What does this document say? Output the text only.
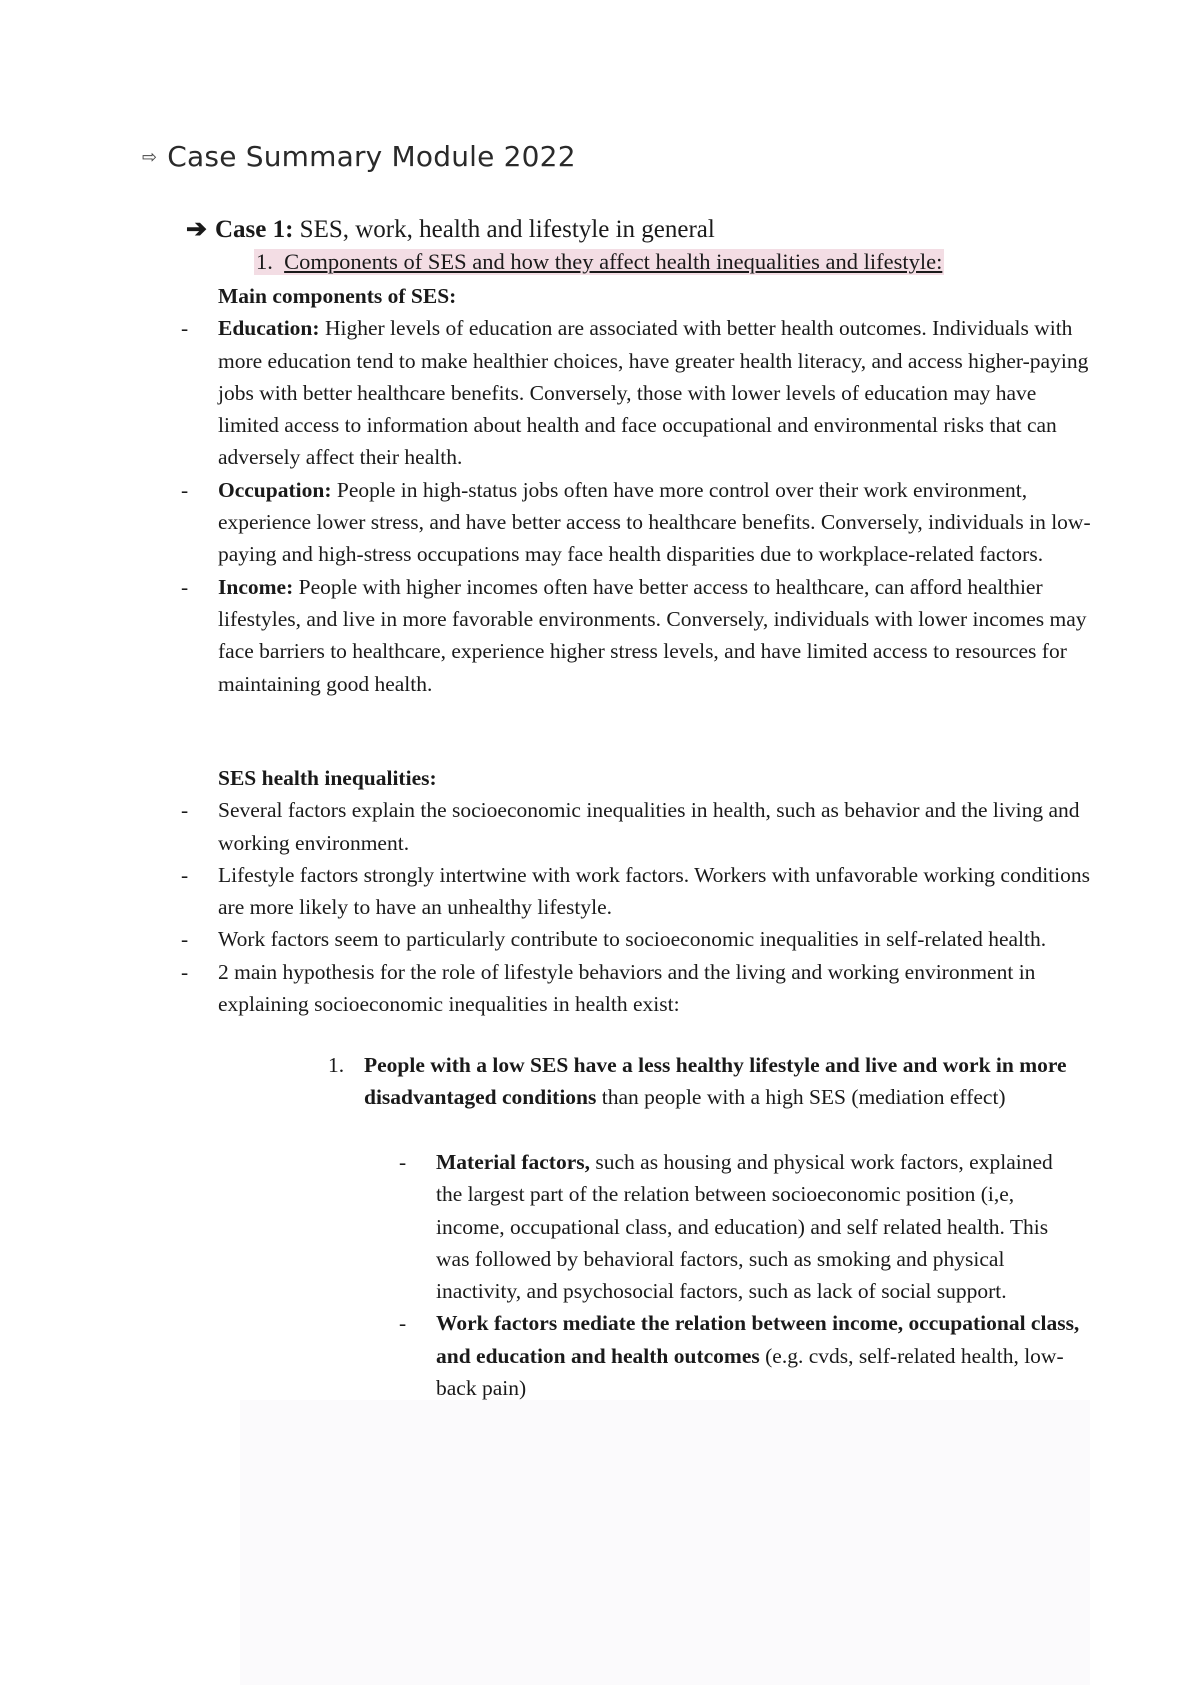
⇨ Case Summary Module 2022
➔ Case 1: SES, work, health and lifestyle in general
1. Components of SES and how they affect health inequalities and lifestyle:
Main components of SES:
- Education: Higher levels of education are associated with better health outcomes. Individuals with more education tend to make healthier choices, have greater health literacy, and access higher-paying jobs with better healthcare benefits. Conversely, those with lower levels of education may have limited access to information about health and face occupational and environmental risks that can adversely affect their health.
- Occupation: People in high-status jobs often have more control over their work environment, experience lower stress, and have better access to healthcare benefits. Conversely, individuals in low-paying and high-stress occupations may face health disparities due to workplace-related factors.
- Income: People with higher incomes often have better access to healthcare, can afford healthier lifestyles, and live in more favorable environments. Conversely, individuals with lower incomes may face barriers to healthcare, experience higher stress levels, and have limited access to resources for maintaining good health.
SES health inequalities:
- Several factors explain the socioeconomic inequalities in health, such as behavior and the living and working environment.
- Lifestyle factors strongly intertwine with work factors. Workers with unfavorable working conditions are more likely to have an unhealthy lifestyle.
- Work factors seem to particularly contribute to socioeconomic inequalities in self-related health.
- 2 main hypothesis for the role of lifestyle behaviors and the living and working environment in explaining socioeconomic inequalities in health exist:
1. People with a low SES have a less healthy lifestyle and live and work in more disadvantaged conditions than people with a high SES (mediation effect)
- Material factors, such as housing and physical work factors, explained the largest part of the relation between socioeconomic position (i,e, income, occupational class, and education) and self related health. This was followed by behavioral factors, such as smoking and physical inactivity, and psychosocial factors, such as lack of social support.
- Work factors mediate the relation between income, occupational class, and education and health outcomes (e.g. cvds, self-related health, low-back pain)
